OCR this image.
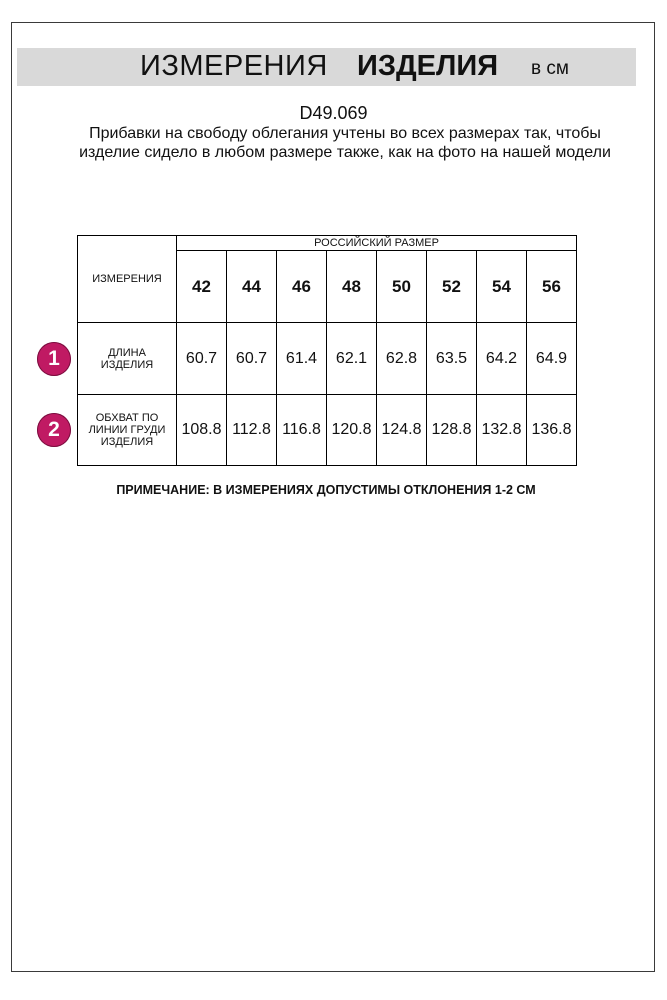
ИЗМЕРЕНИЯ ИЗДЕЛИЯ в см
D49.069
Прибавки на свободу облегания учтены во всех размерах так, чтобы изделие сидело в любом размере также, как на фото на нашей модели
1
2
ИЗМЕРЕНИЯ	РОССИЙСКИЙ РАЗМЕР							
	42	44	46	48	50	52	54	56

ДЛИНА
ИЗДЕЛИЯ	60.7	60.7	61.4	62.1	62.8	63.5	64.2	64.9

ОБХВАТ ПО
ЛИНИИ ГРУДИ
ИЗДЕЛИЯ	108.8	112.8	116.8	120.8	124.8	128.8	132.8	136.8
ПРИМЕЧАНИЕ: В ИЗМЕРЕНИЯХ ДОПУСТИМЫ ОТКЛОНЕНИЯ 1-2 СМ
